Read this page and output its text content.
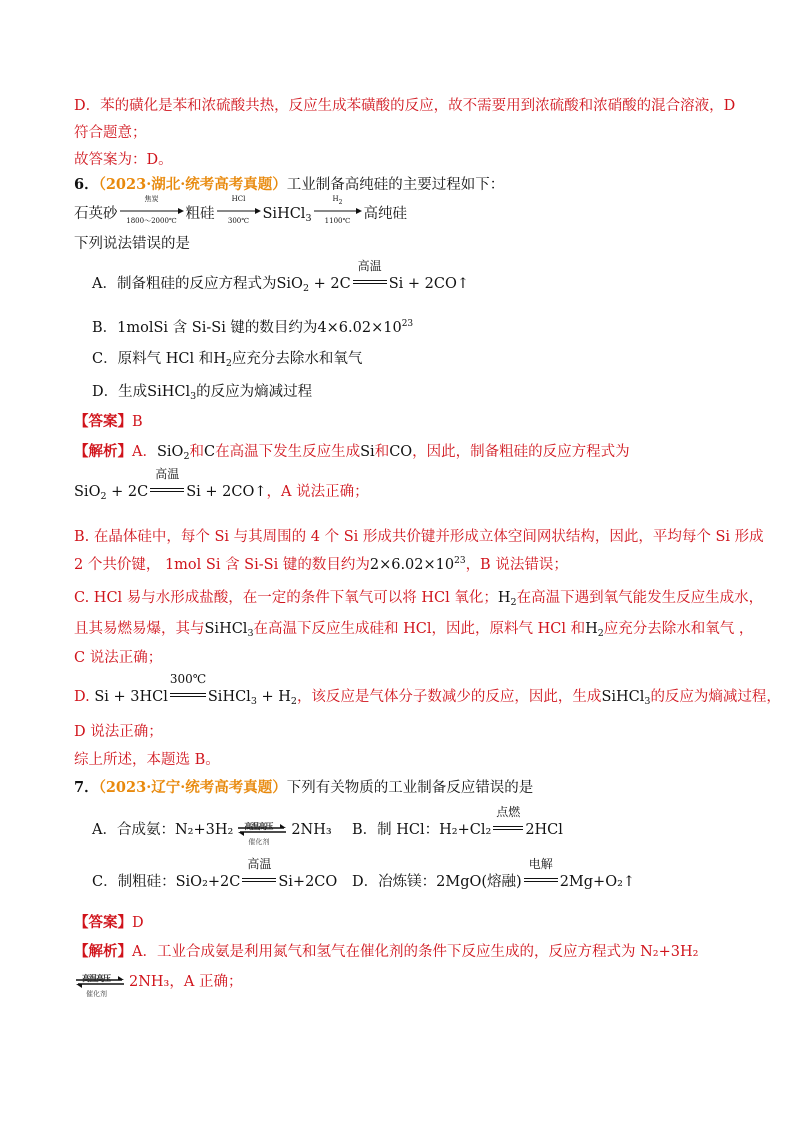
D．苯的磺化是苯和浓硫酸共热，反应生成苯磺酸的反应，故不需要用到浓硫酸和浓硝酸的混合溶液，D
符合题意；
故答案为：D。
6．（2023·湖北·统考高考真题）工业制备高纯硅的主要过程如下：
石英砂
焦炭
1800～2000℃ 粗硅
HCl
300℃ SiHCl$_3$
$H_2$
1100℃ 高纯硅
下列说法错误的是
A．制备粗硅的反应方程式为SiO$_2$ + 2C
高温
Si + 2CO↑
B．1molSi 含 Si-Si 键的数目约为$4\times 6.02\times 10^{23}$
C．原料气 HCl 和$H_2$应充分去除水和氧气
D．生成SiHCl$_3$的反应为熵减过程
【答案】B
【解析】A．SiO$_2$和C在高温下发生反应生成Si和CO，因此，制备粗硅的反应方程式为
SiO$_2$ + 2C
高温
Si + 2CO↑，A 说法正确；
B. 在晶体硅中，每个 Si 与其周围的 4 个 Si 形成共价键并形成立体空间网状结构，因此，平均每个 Si 形成
2 个共价键， 1mol Si 含 Si-Si 键的数目约为$2\times 6.02\times 10^{23}$，B 说法错误；
C. HCl 易与水形成盐酸，在一定的条件下氧气可以将 HCl 氧化；$H_2$在高温下遇到氧气能发生反应生成水，
且其易燃易爆，其与SiHCl$_3$在高温下反应生成硅和 HCl，因此，原料气 HCl 和$H_2$应充分去除水和氧气 ，
C 说法正确；
D. Si + 3HCl
300℃
SiHCl$_3$ + $H_2$，该反应是气体分子数减少的反应，因此，生成SiHCl$_3$的反应为熵减过程，
D 说法正确；
综上所述，本题选 B。
7．（2023·辽宁·统考高考真题）下列有关物质的工业制备反应错误的是
A．合成氨：N₂+3H₂ 高温高压
催化剂
2NH₃ B．制 HCl：H₂+Cl₂
点燃
2HCl
C．制粗硅：SiO₂+2C
高温
Si+2CO D．冶炼镁：2MgO(熔融)
电解
2Mg+O₂↑
【答案】D
【解析】A．工业合成氨是利用氮气和氢气在催化剂的条件下反应生成的，反应方程式为 N₂+3H₂
高温高压
催化剂
2NH₃，A 正确；
